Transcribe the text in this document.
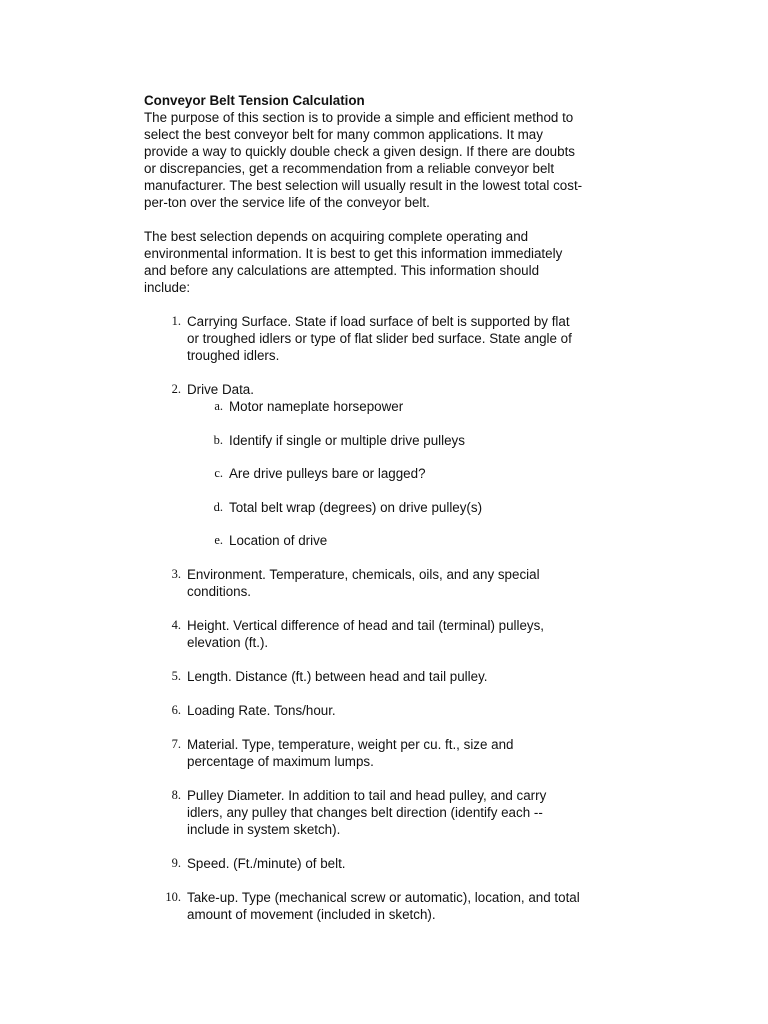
Conveyor Belt Tension Calculation

The purpose of this section is to provide a simple and efficient method to select the best conveyor belt for many common applications. It may provide a way to quickly double check a given design. If there are doubts or discrepancies, get a recommendation from a reliable conveyor belt manufacturer. The best selection will usually result in the lowest total cost-per-ton over the service life of the conveyor belt.

The best selection depends on acquiring complete operating and environmental information. It is best to get this information immediately and before any calculations are attempted. This information should include:

1. Carrying Surface. State if load surface of belt is supported by flat or troughed idlers or type of flat slider bed surface. State angle of troughed idlers.
2. Drive Data.
a. Motor nameplate horsepower
b. Identify if single or multiple drive pulleys
c. Are drive pulleys bare or lagged?
d. Total belt wrap (degrees) on drive pulley(s)
e. Location of drive
3. Environment. Temperature, chemicals, oils, and any special conditions.
4. Height. Vertical difference of head and tail (terminal) pulleys, elevation (ft.).
5. Length. Distance (ft.) between head and tail pulley.
6. Loading Rate. Tons/hour.
7. Material. Type, temperature, weight per cu. ft., size and percentage of maximum lumps.
8. Pulley Diameter. In addition to tail and head pulley, and carry idlers, any pulley that changes belt direction (identify each -- include in system sketch).
9. Speed. (Ft./minute) of belt.
10. Take-up. Type (mechanical screw or automatic), location, and total amount of movement (included in sketch).
